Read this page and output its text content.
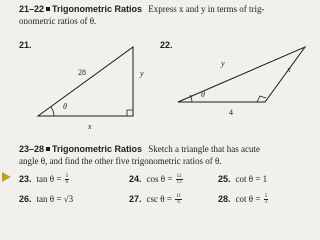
21–22 Trigonometric Ratios Express x and y in terms of trig-
onometric ratios of θ.
21.	22.
28	y
x
θ
y
x
4
θ
23–28 Trigonometric Ratios Sketch a triangle that has acute
angle θ, and find the other five trigonometric ratios of θ.
23. $\tan \theta = \frac{5}{6}$	24. $\cos \theta = \frac{12}{13}$	25. cot θ = 1
26. tan θ = √3	27. $\csc \theta = \frac{11}{6}$	28. $\cot \theta = \frac{5}{3}$
